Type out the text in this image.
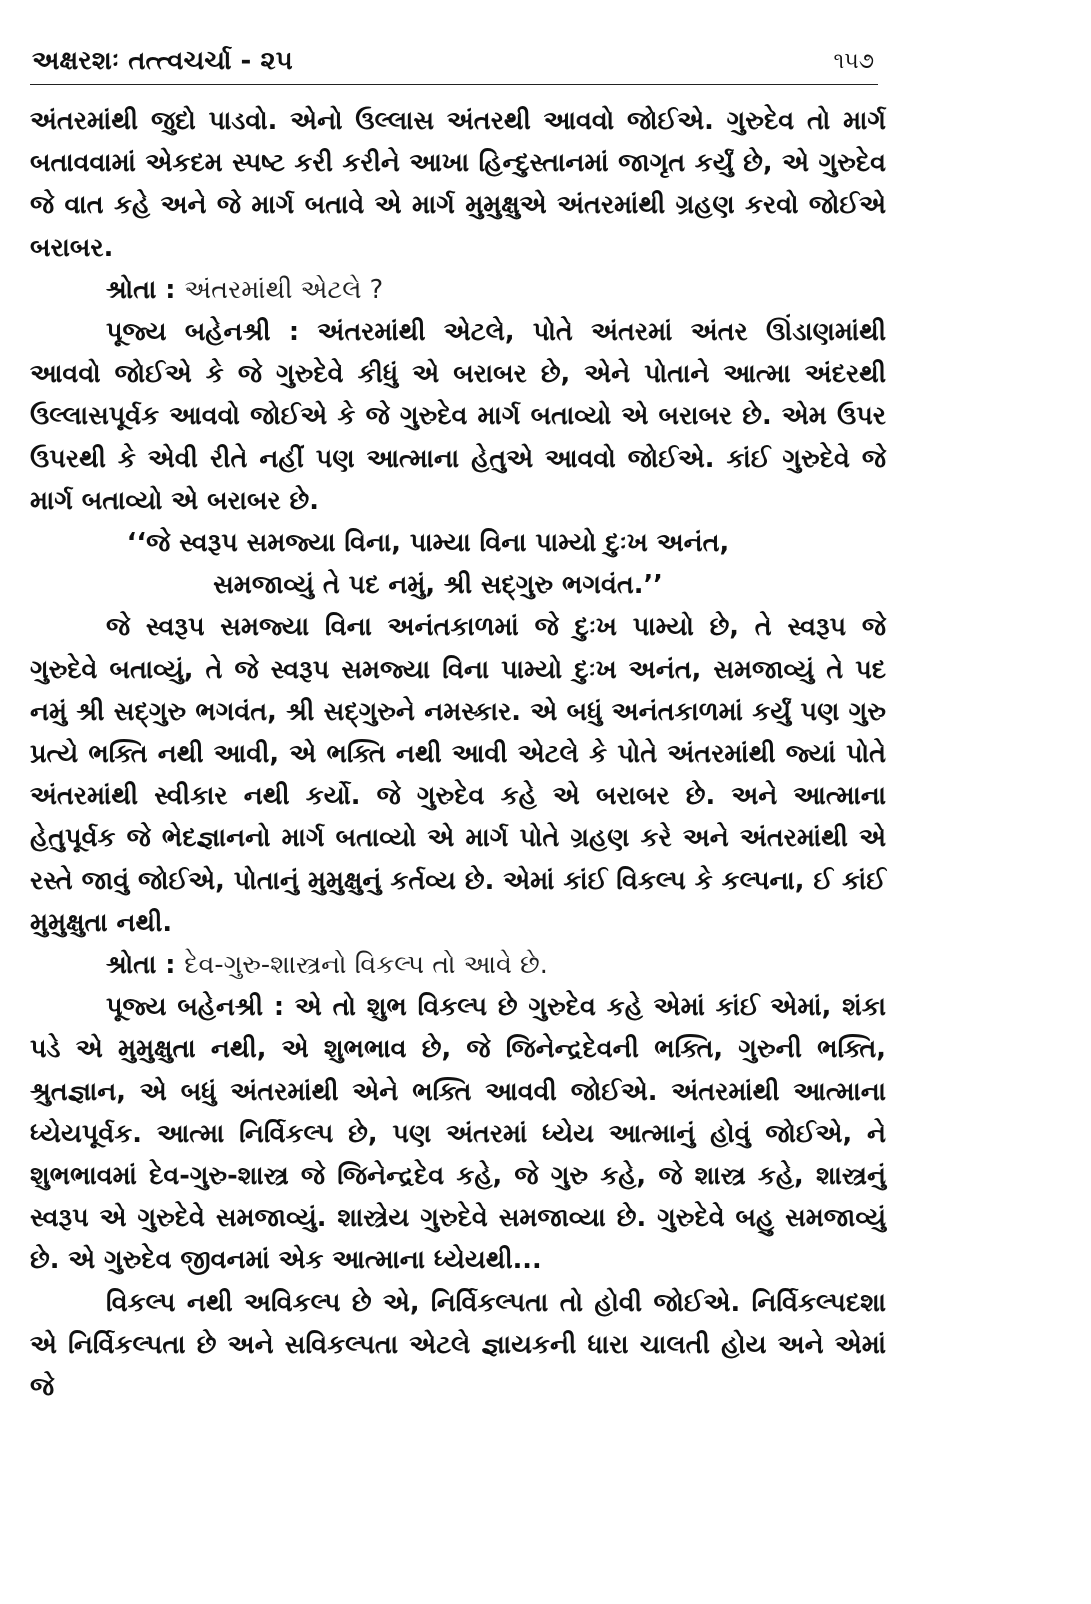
અક્ષરશઃ તત્ત્વચર્ચા - ૨૫	૧૫૭

અંતરમાંથી જુદો પાડવો. એનો ઉલ્લાસ અંતરથી આવવો જોઈએ. ગુરુદેવ તો માર્ગ બતાવવામાં એકદમ સ્પષ્ટ કરી કરીને આખા હિન્દુસ્તાનમાં જાગૃત કર્યું છે, એ ગુરુદેવ જે વાત કહે અને જે માર્ગ બતાવે એ માર્ગ મુમુક્ષુએ અંતરમાંથી ગ્રહણ કરવો જોઈએ બરાબર.

શ્રોતા : અંતરમાંથી એટલે ?

પૂજ્ય બહેનશ્રી : અંતરમાંથી એટલે, પોતે અંતરમાં અંતર ઊંડાણમાંથી આવવો જોઈએ કે જે ગુરુદેવે કીધું એ બરાબર છે, એને પોતાને આત્મા અંદરથી ઉલ્લાસપૂર્વક આવવો જોઈએ કે જે ગુરુદેવ માર્ગ બતાવ્યો એ બરાબર છે. એમ ઉપર ઉપરથી કે એવી રીતે નહીં પણ આત્માના હેતુએ આવવો જોઈએ. કાંઈ ગુરુદેવે જે માર્ગ બતાવ્યો એ બરાબર છે.

‘‘જે સ્વરૂપ સમજ્યા વિના, પામ્યા વિના પામ્યો દુઃખ અનંત,
સમજાવ્યું તે પદ નમું, શ્રી સદ્ગુરુ ભગવંત.’’

જે સ્વરૂપ સમજ્યા વિના અનંતકાળમાં જે દુઃખ પામ્યો છે, તે સ્વરૂપ જે ગુરુદેવે બતાવ્યું, તે જે સ્વરૂપ સમજ્યા વિના પામ્યો દુઃખ અનંત, સમજાવ્યું તે પદ નમું શ્રી સદ્ગુરુ ભગવંત, શ્રી સદ્ગુરુને નમસ્કાર. એ બધું અનંતકાળમાં કર્યું પણ ગુરુ પ્રત્યે ભક્તિ નથી આવી, એ ભક્તિ નથી આવી એટલે કે પોતે અંતરમાંથી જ્યાં પોતે અંતરમાંથી સ્વીકાર નથી કર્યો. જે ગુરુદેવ કહે એ બરાબર છે. અને આત્માના હેતુપૂર્વક જે ભેદજ્ઞાનનો માર્ગ બતાવ્યો એ માર્ગ પોતે ગ્રહણ કરે અને અંતરમાંથી એ રસ્તે જાવું જોઈએ, પોતાનું મુમુક્ષુનું કર્તવ્ય છે. એમાં કાંઈ વિકલ્પ કે કલ્પના, ઈ કાંઈ મુમુક્ષુતા નથી.

શ્રોતા : દેવ-ગુરુ-શાસ્ત્રનો વિકલ્પ તો આવે છે.

પૂજ્ય બહેનશ્રી : એ તો શુભ વિકલ્પ છે ગુરુદેવ કહે એમાં કાંઈ એમાં, શંકા પડે એ મુમુક્ષુતા નથી, એ શુભભાવ છે, જે જિનેન્દ્રદેવની ભક્તિ, ગુરુની ભક્તિ, શ્રુતજ્ઞાન, એ બધું અંતરમાંથી એને ભક્તિ આવવી જોઈએ. અંતરમાંથી આત્માના ધ્યેયપૂર્વક. આત્મા નિર્વિકલ્પ છે, પણ અંતરમાં ધ્યેય આત્માનું હોવું જોઈએ, ને શુભભાવમાં દેવ-ગુરુ-શાસ્ત્ર જે જિનેન્દ્રદેવ કહે, જે ગુરુ કહે, જે શાસ્ત્ર કહે, શાસ્ત્રનું સ્વરૂપ એ ગુરુદેવે સમજાવ્યું. શાસ્ત્રેય ગુરુદેવે સમજાવ્યા છે. ગુરુદેવે બહુ સમજાવ્યું છે. એ ગુરુદેવ જીવનમાં એક આત્માના ધ્યેયથી...

વિકલ્પ નથી અવિકલ્પ છે એ, નિર્વિકલ્પતા તો હોવી જોઈએ. નિર્વિકલ્પદશા એ નિર્વિકલ્પતા છે અને સવિકલ્પતા એટલે જ્ઞાયકની ધારા ચાલતી હોય અને એમાં જે
